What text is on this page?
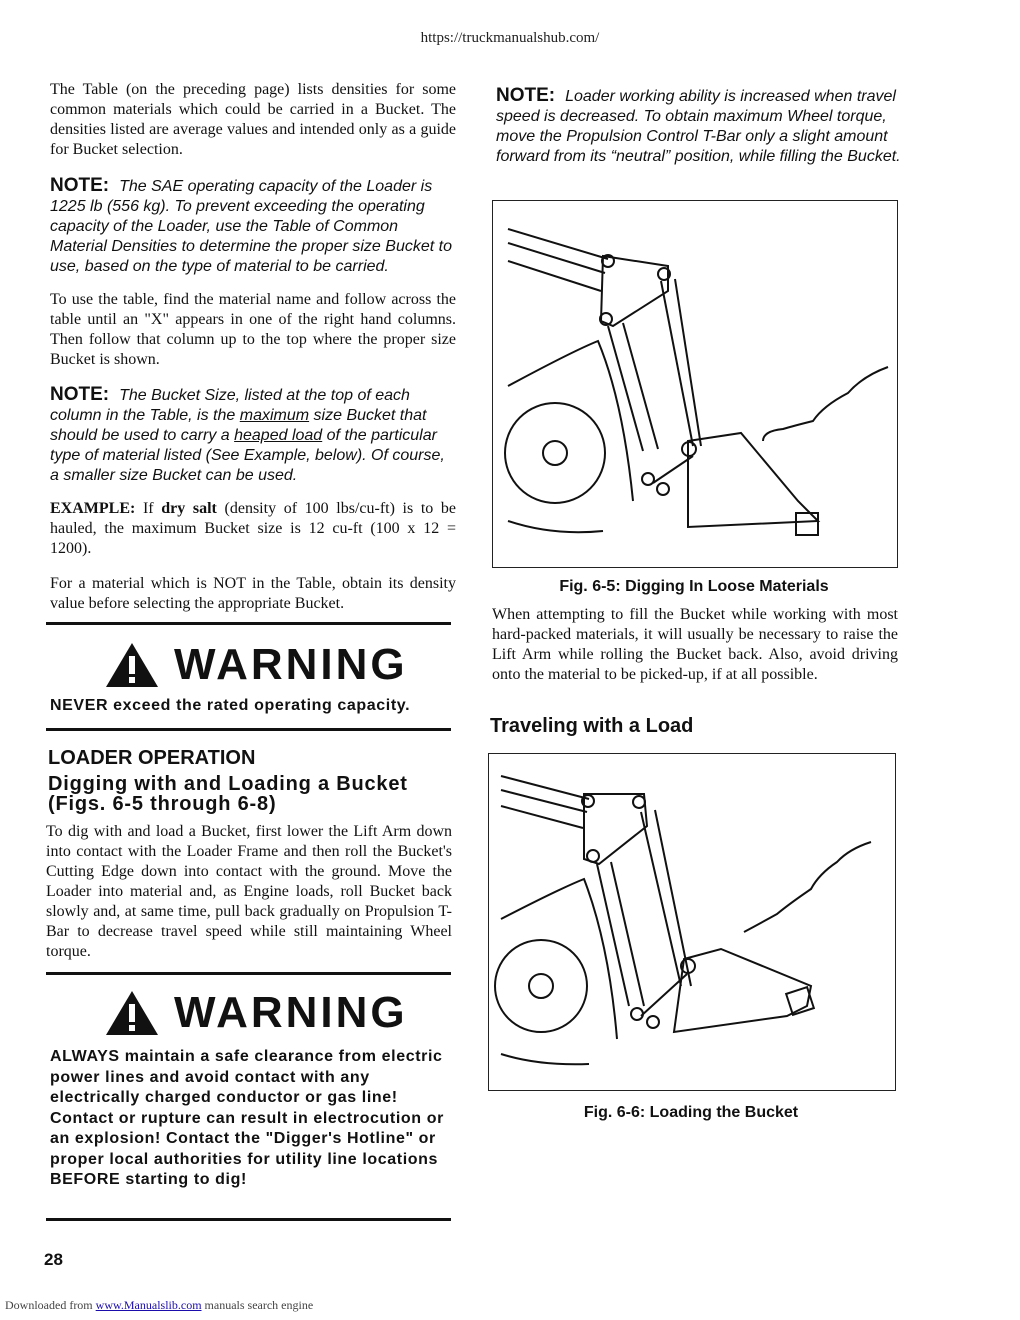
https://truckmanualshub.com/
The Table (on the preceding page) lists densities for some common materials which could be carried in a Bucket. The densities listed are average values and intended only as a guide for Bucket selection.
NOTE: The SAE operating capacity of the Loader is 1225 lb (556 kg). To prevent exceeding the operating capacity of the Loader, use the Table of Common Material Densities to determine the proper size Bucket to use, based on the type of material to be carried.
To use the table, find the material name and follow across the table until an "X" appears in one of the right hand columns. Then follow that column up to the top where the proper size Bucket is shown.
NOTE: The Bucket Size, listed at the top of each column in the Table, is the maximum size Bucket that should be used to carry a heaped load of the particular type of material listed (See Example, below). Of course, a smaller size Bucket can be used.
EXAMPLE: If dry salt (density of 100 lbs/cu-ft) is to be hauled, the maximum Bucket size is 12 cu-ft (100 x 12 = 1200).
For a material which is NOT in the Table, obtain its density value before selecting the appropriate Bucket.
WARNING
NEVER exceed the rated operating capacity.
LOADER OPERATION
Digging with and Loading a Bucket (Figs. 6-5 through 6-8)
To dig with and load a Bucket, first lower the Lift Arm down into contact with the Loader Frame and then roll the Bucket's Cutting Edge down into contact with the ground. Move the Loader into material and, as Engine loads, roll Bucket back slowly and, at same time, pull back gradually on Propulsion T-Bar to decrease travel speed while still maintaining Wheel torque.
WARNING
ALWAYS maintain a safe clearance from electric power lines and avoid contact with any electrically charged conductor or gas line! Contact or rupture can result in electrocution or an explosion! Contact the "Digger's Hotline" or proper local authorities for utility line locations BEFORE starting to dig!
28
NOTE: Loader working ability is increased when travel speed is decreased. To obtain maximum Wheel torque, move the Propulsion Control T-Bar only a slight amount forward from its “neutral” position, while filling the Bucket.
Fig. 6-5: Digging In Loose Materials
When attempting to fill the Bucket while working with most hard-packed materials, it will usually be necessary to raise the Lift Arm while rolling the Bucket back. Also, avoid driving onto the material to be picked-up, if at all possible.
Traveling with a Load
Fig. 6-6: Loading the Bucket
Downloaded from www.Manualslib.com manuals search engine
